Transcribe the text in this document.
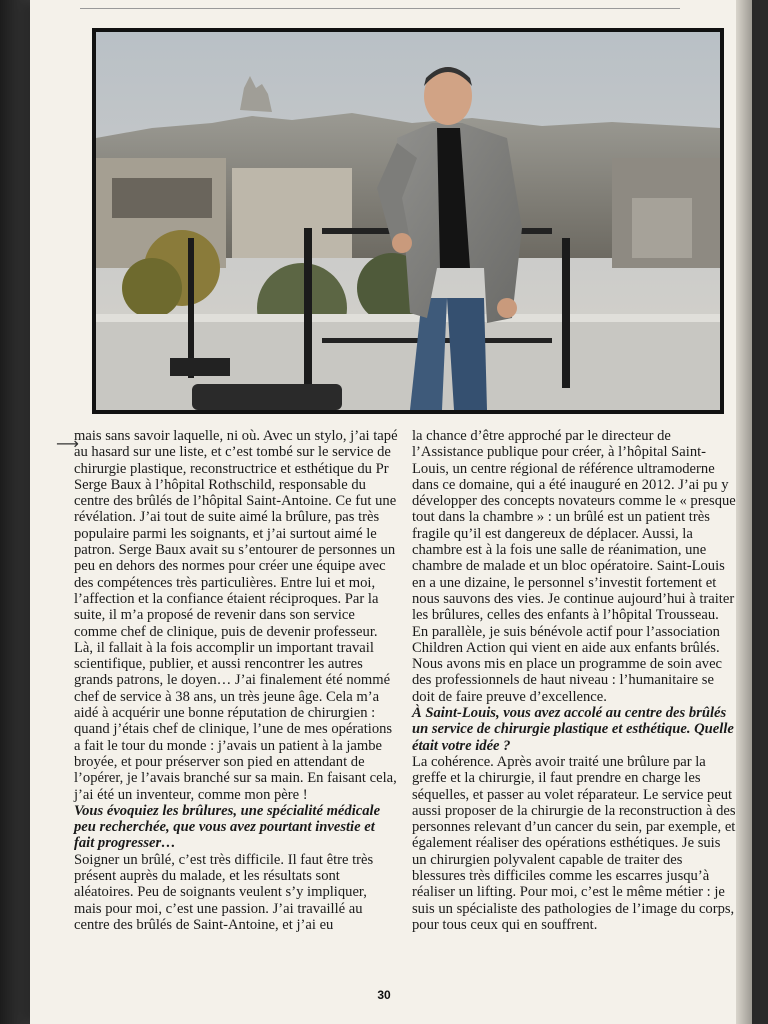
⟶

mais sans savoir laquelle, ni où. Avec un stylo, j’ai tapé au hasard sur une liste, et c’est tombé sur le service de chirurgie plastique, reconstructrice et esthétique du Pr Serge Baux à l’hôpital Rothschild, responsable du centre des brûlés de l’hôpital Saint-Antoine. Ce fut une révélation. J’ai tout de suite aimé la brûlure, pas très populaire parmi les soignants, et j’ai surtout aimé le patron. Serge Baux avait su s’entourer de personnes un peu en dehors des normes pour créer une équipe avec des compétences très particulières. Entre lui et moi, l’affection et la confiance étaient réciproques. Par la suite, il m’a proposé de revenir dans son service comme chef de clinique, puis de devenir professeur. Là, il fallait à la fois accomplir un important travail scientifique, publier, et aussi rencontrer les autres grands patrons, le doyen… J’ai finalement été nommé chef de service à 38 ans, un très jeune âge. Cela m’a aidé à acquérir une bonne réputation de chirurgien : quand j’étais chef de clinique, l’une de mes opérations a fait le tour du monde : j’avais un patient à la jambe broyée, et pour préserver son pied en attendant de l’opérer, je l’avais branché sur sa main. En faisant cela, j’ai été un inventeur, comme mon père !

Vous évoquiez les brûlures, une spécialité médicale peu recherchée, que vous avez pourtant investie et fait progresser…

Soigner un brûlé, c’est très difficile. Il faut être très présent auprès du malade, et les résultats sont aléatoires. Peu de soignants veulent s’y impliquer, mais pour moi, c’est une passion. J’ai travaillé au centre des brûlés de Saint-Antoine, et j’ai eu

la chance d’être approché par le directeur de l’Assistance publique pour créer, à l’hôpital Saint-Louis, un centre régional de référence ultramoderne dans ce domaine, qui a été inauguré en 2012. J’ai pu y développer des concepts novateurs comme le « presque tout dans la chambre » : un brûlé est un patient très fragile qu’il est dangereux de déplacer. Aussi, la chambre est à la fois une salle de réanimation, une chambre de malade et un bloc opératoire. Saint-Louis en a une dizaine, le personnel s’investit fortement et nous sauvons des vies. Je continue aujourd’hui à traiter les brûlures, celles des enfants à l’hôpital Trousseau. En parallèle, je suis bénévole actif pour l’association Children Action qui vient en aide aux enfants brûlés. Nous avons mis en place un programme de soin avec des professionnels de haut niveau : l’humanitaire se doit de faire preuve d’excellence.

À Saint-Louis, vous avez accolé au centre des brûlés un service de chirurgie plastique et esthétique. Quelle était votre idée ?

La cohérence. Après avoir traité une brûlure par la greffe et la chirurgie, il faut prendre en charge les séquelles, et passer au volet réparateur. Le service peut aussi proposer de la chirurgie de la reconstruction à des personnes relevant d’un cancer du sein, par exemple, et également réaliser des opérations esthétiques. Je suis un chirurgien polyvalent capable de traiter des blessures très difficiles comme les escarres jusqu’à réaliser un lifting. Pour moi, c’est le même métier : je suis un spécialiste des pathologies de l’image du corps, pour tous ceux qui en souffrent.

30
